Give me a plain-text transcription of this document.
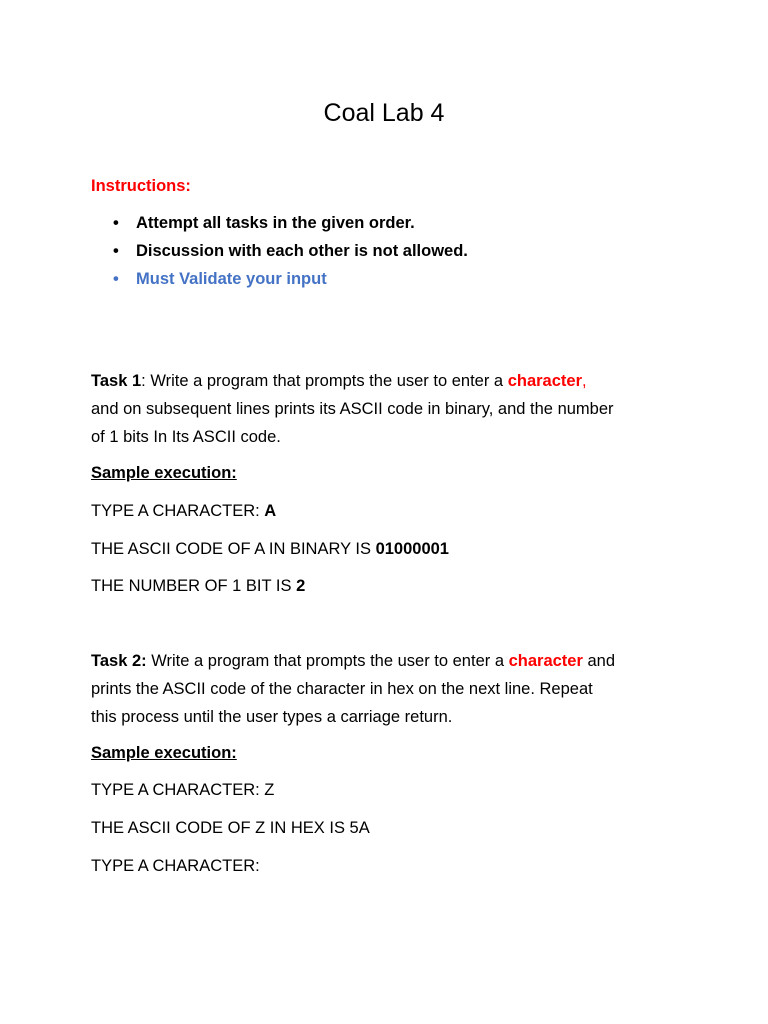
Coal Lab 4
Instructions:
• Attempt all tasks in the given order.
• Discussion with each other is not allowed.
• Must Validate your input
Task 1: Write a program that prompts the user to enter a character,
and on subsequent lines prints its ASCII code in binary, and the number
of 1 bits In Its ASCII code.
Sample execution:
TYPE A CHARACTER: A
THE ASCII CODE OF A IN BINARY IS 01000001
THE NUMBER OF 1 BIT IS 2
Task 2: Write a program that prompts the user to enter a character and
prints the ASCII code of the character in hex on the next line. Repeat
this process until the user types a carriage return.
Sample execution:
TYPE A CHARACTER: Z
THE ASCII CODE OF Z IN HEX IS 5A
TYPE A CHARACTER:
